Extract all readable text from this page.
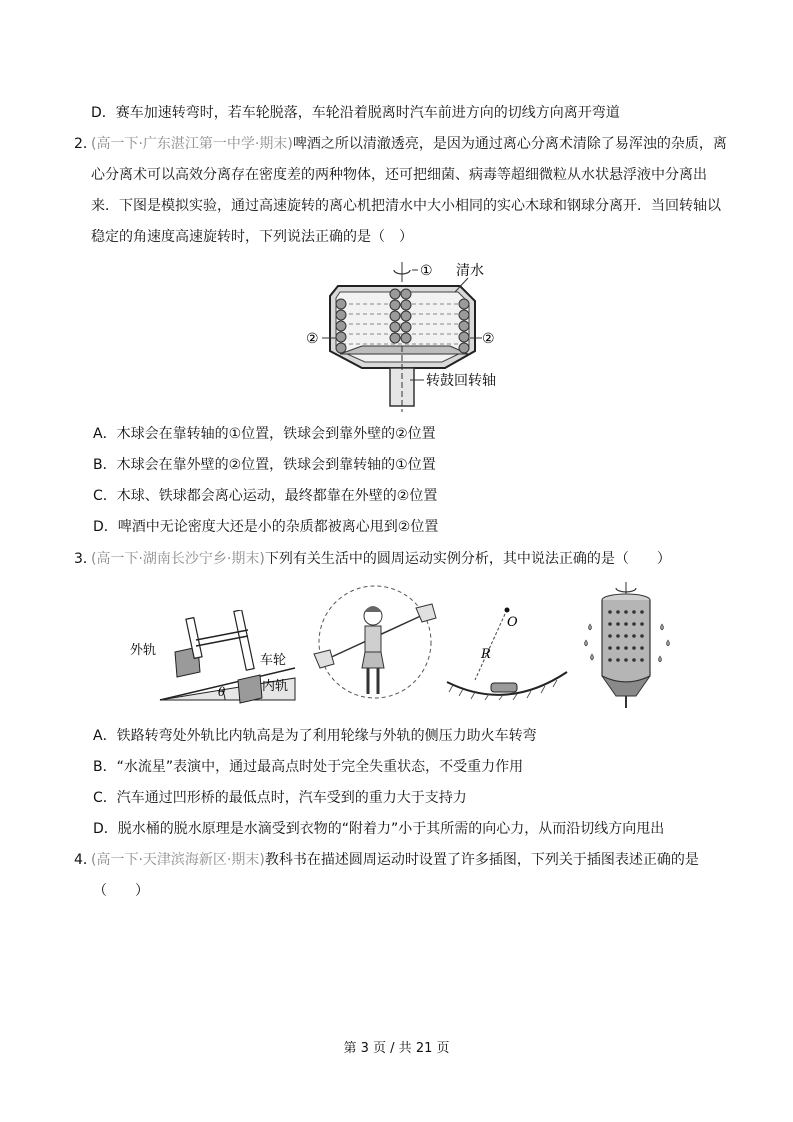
D．赛车加速转弯时，若车轮脱落，车轮沿着脱离时汽车前进方向的切线方向离开弯道
2．
(高一下·广东湛江第一中学·期末)啤酒之所以清澈透亮，是因为通过离心分离术清除了易浑浊的杂质，离
心分离术可以高效分离存在密度差的两种物体，还可把细菌、病毒等超细微粒从水状悬浮液中分离出
来．下图是模拟实验，通过高速旋转的离心机把清水中大小相同的实心木球和钢球分离开．当回转轴以
稳定的角速度高速旋转时，下列说法正确的是（　）
① 清水
②	②
转鼓回转轴
A．木球会在靠转轴的①位置，铁球会到靠外壁的②位置
B．木球会在靠外壁的②位置，铁球会到靠转轴的①位置
C．木球、铁球都会离心运动，最终都靠在外壁的②位置
D．啤酒中无论密度大还是小的杂质都被离心甩到②位置
3．
(高一下·湖南长沙宁乡·期末)下列有关生活中的圆周运动实例分析，其中说法正确的是（　　）
外轨
车轮
内轨
θ
O
R
A．铁路转弯处外轨比内轨高是为了利用轮缘与外轨的侧压力助火车转弯
B．“水流星”表演中，通过最高点时处于完全失重状态，不受重力作用
C．汽车通过凹形桥的最低点时，汽车受到的重力大于支持力
D．脱水桶的脱水原理是水滴受到衣物的“附着力”小于其所需的向心力，从而沿切线方向甩出
4．
(高一下·天津滨海新区·期末)教科书在描述圆周运动时设置了许多插图，下列关于插图表述正确的是
（　　）
第 3 页 / 共 21 页
